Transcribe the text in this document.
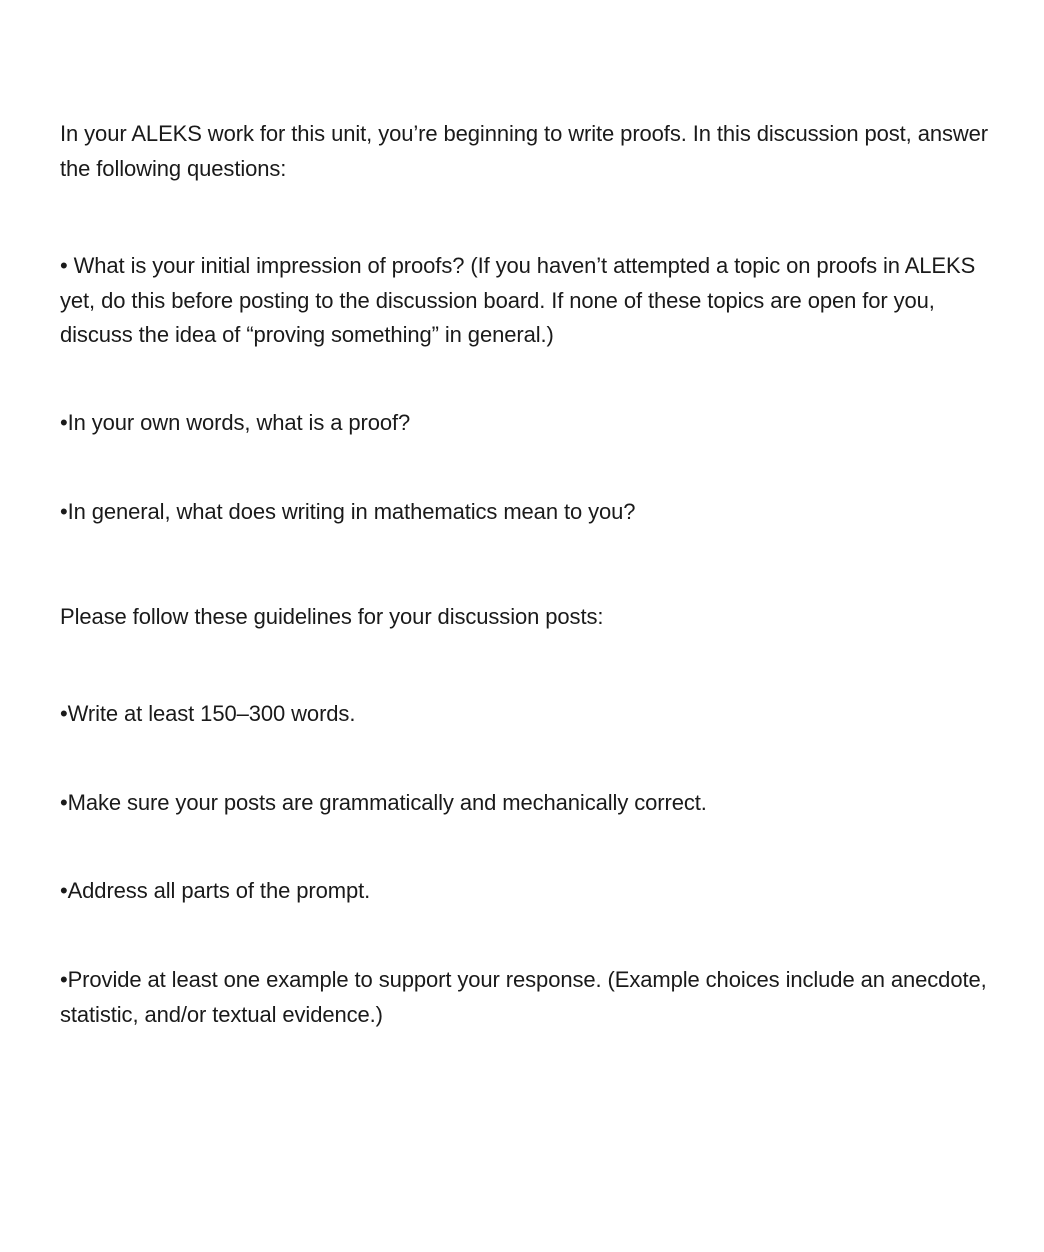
In your ALEKS work for this unit, you’re beginning to write proofs. In this discussion post, answer the following questions:

• What is your initial impression of proofs? (If you haven’t attempted a topic on proofs in ALEKS yet, do this before posting to the discussion board. If none of these topics are open for you, discuss the idea of “proving something” in general.)

•In your own words, what is a proof?

•In general, what does writing in mathematics mean to you?

Please follow these guidelines for your discussion posts:

•Write at least 150–300 words.

•Make sure your posts are grammatically and mechanically correct.

•Address all parts of the prompt.

•Provide at least one example to support your response. (Example choices include an anecdote, statistic, and/or textual evidence.)
